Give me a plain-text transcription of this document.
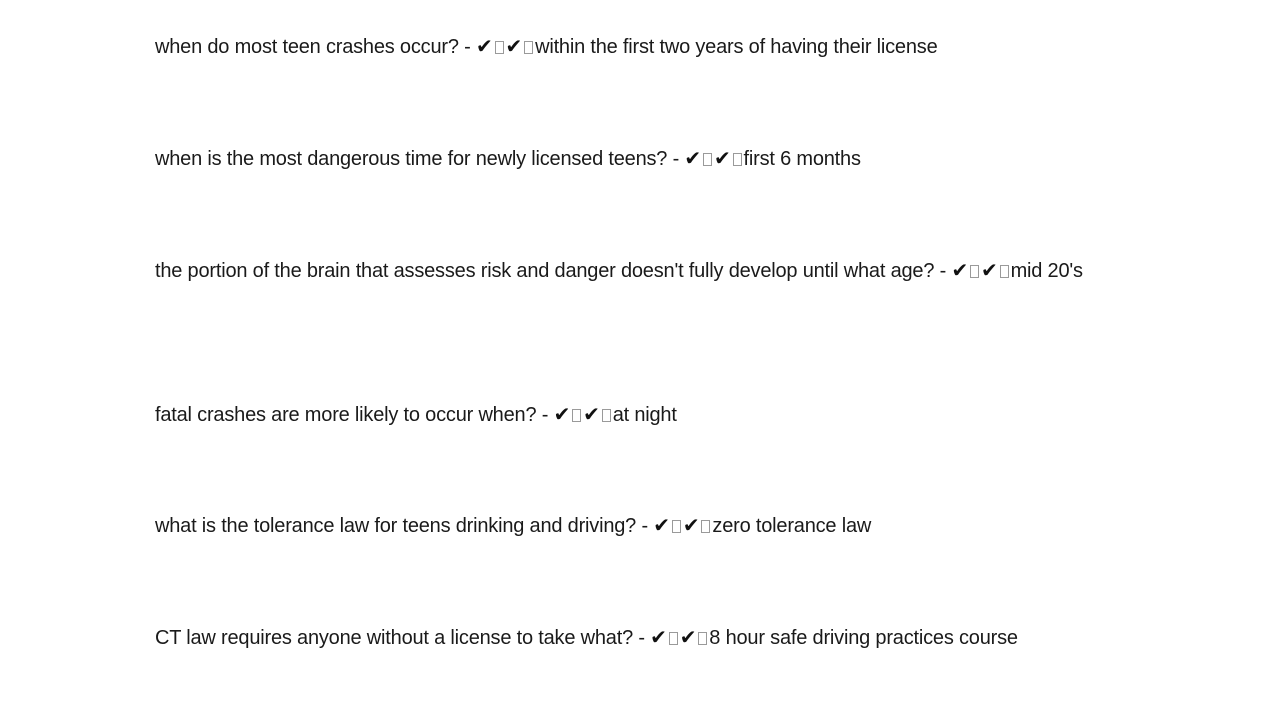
when do most teen crashes occur? - ✔ ✔ within the first two years of having their license
when is the most dangerous time for newly licensed teens? - ✔ ✔ first 6 months
the portion of the brain that assesses risk and danger doesn't fully develop until what age? - ✔ ✔ mid 20's
fatal crashes are more likely to occur when? - ✔ ✔ at night
what is the tolerance law for teens drinking and driving? - ✔ ✔ zero tolerance law
CT law requires anyone without a license to take what? - ✔ ✔ 8 hour safe driving practices course
